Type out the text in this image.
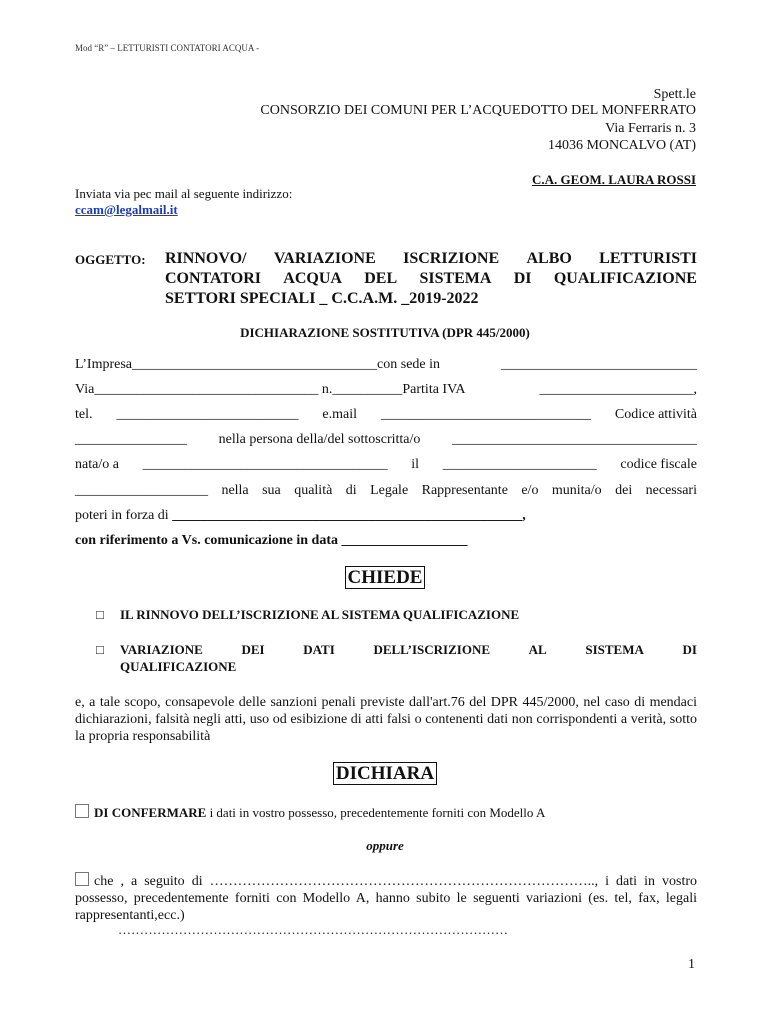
Mod “R” – LETTURISTI CONTATORI ACQUA -
Spett.le
CONSORZIO DEI COMUNI PER L’ACQUEDOTTO DEL MONFERRATO
Via Ferraris n. 3
14036 MONCALVO (AT)
C.A. GEOM. LAURA ROSSI
Inviata via pec mail al seguente indirizzo:
ccam@legalmail.it
OGGETTO: RINNOVO/ VARIAZIONE ISCRIZIONE ALBO LETTURISTI
CONTATORI ACQUA DEL SISTEMA DI QUALIFICAZIONE
SETTORI SPECIALI _ C.C.A.M. _2019-2022
DICHIARAZIONE SOSTITUTIVA (DPR 445/2000)
L’Impresa___________________________________con sede in	____________________________
Via________________________________ n.__________Partita IVA	______________________,
tel. __________________________ e.mail ______________________________ Codice attività
________________ nella persona della/del sottoscritta/o ___________________________________
nata/o a ___________________________________ il ______________________ codice fiscale
___________________ nella sua qualità di Legale Rappresentante e/o munita/o dei necessari
poteri in forza di __________________________________________________,
con riferimento a Vs. comunicazione in data __________________
CHIEDE
□ IL RINNOVO DELL’ISCRIZIONE AL SISTEMA QUALIFICAZIONE
□ VARIAZIONE	DEI	DATI	DELL’ISCRIZIONE	AL	SISTEMA	DI
QUALIFICAZIONE
e, a tale scopo, consapevole delle sanzioni penali previste dall'art.76 del DPR 445/2000, nel caso di mendaci dichiarazioni, falsità negli atti, uso od esibizione di atti falsi o contenenti dati non corrispondenti a verità, sotto la propria responsabilità
DICHIARA
DI CONFERMARE i dati in vostro possesso, precedentemente forniti con Modello A
oppure
che , a seguito di ……………………………………………………………………….., i dati in vostro possesso, precedentemente forniti con Modello A, hanno subito le seguenti variazioni (es. tel, fax, legali rappresentanti,ecc.)
………………………………………………………………………………
1
